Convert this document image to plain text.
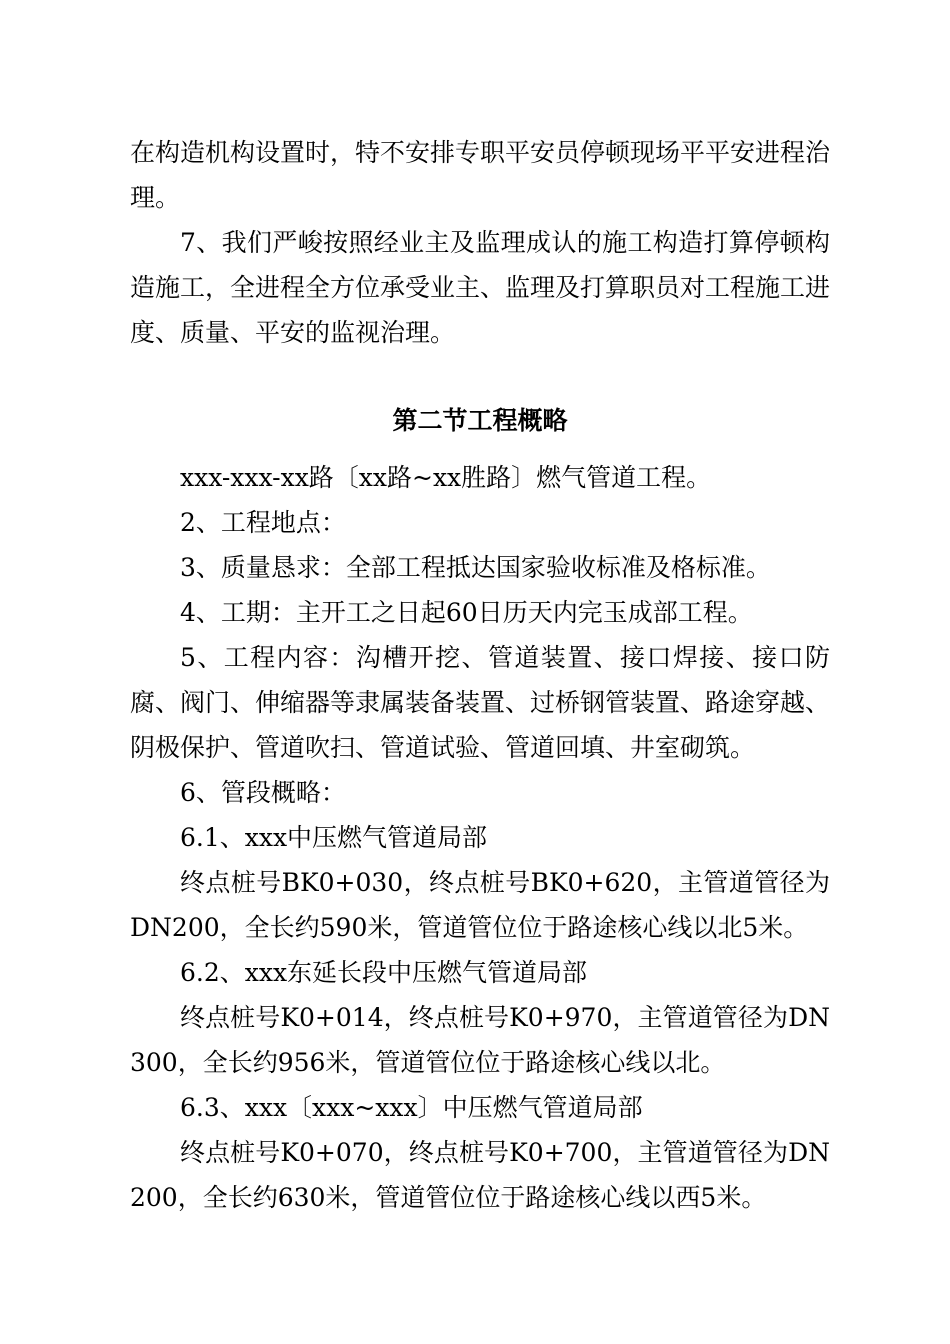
在构造机构设置时，特不安排专职平安员停顿现场平平安进程治理。

7、我们严峻按照经业主及监理成认的施工构造打算停顿构造施工，全进程全方位承受业主、监理及打算职员对工程施工进度、质量、平安的监视治理。

第二节工程概略

xxx-xxx-xx路〔xx路~xx胜路〕燃气管道工程。

2、工程地点：

3、质量恳求：全部工程抵达国家验收标准及格标准。

4、工期：主开工之日起60日历天内完玉成部工程。

5、工程内容：沟槽开挖、管道装置、接口焊接、接口防腐、阀门、伸缩器等隶属装备装置、过桥钢管装置、路途穿越、阴极保护、管道吹扫、管道试验、管道回填、井室砌筑。

6、管段概略：

6.1、xxx中压燃气管道局部

终点桩号BK0+030，终点桩号BK0+620，主管道管径为DN200，全长约590米，管道管位位于路途核心线以北5米。

6.2、xxx东延长段中压燃气管道局部

终点桩号K0+014，终点桩号K0+970，主管道管径为DN300，全长约956米，管道管位位于路途核心线以北。

6.3、xxx〔xxx~xxx〕中压燃气管道局部

终点桩号K0+070，终点桩号K0+700，主管道管径为DN200，全长约630米，管道管位位于路途核心线以西5米。
